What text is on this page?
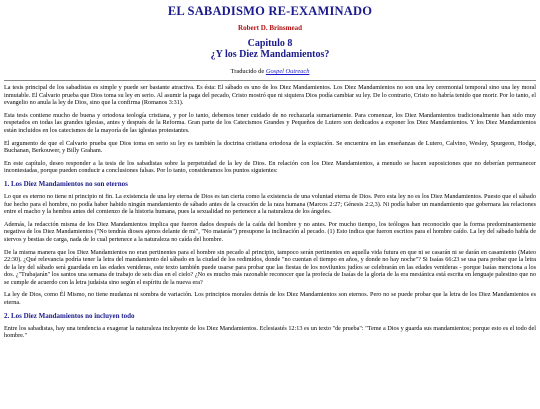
EL SABADISMO RE-EXAMINADO
Robert D. Brinsmead
Capitulo 8
¿Y los Diez Mandamientos?
Traducido de Gospel Outreach

La tesis principal de los sabadistas es simple y puede ser bastante atractiva. Es ésta: El sábado es uno de los Diez Mandamientos. Los Diez Mandamientos no son una ley ceremonial temporal sino una ley moral inmutable. El Calvario prueba que Dios toma su ley en serio. Al asumir la paga del pecado, Cristo mostró que ni siquiera Dios podía cambiar su ley. De lo contrario, Cristo no habría tenido que morir. Por lo tanto, el evangelio no anula la ley de Dios, sino que la confirma (Romanos 3:31).

Esta tesis contiene mucho de buena y ortodoxa teología cristiana, y por lo tanto, debemos tener cuidado de no rechazarla sumariamente. Para comenzar, los Diez Mandamientos tradicionalmente han sido muy respetados en todas las grandes iglesias, antes y después de la Reforma. Gran parte de los Catecismos Grandes y Pequeños de Lutero son dedicados a exponer los Diez Mandamientos. Y los Diez Mandamientos están incluidos en los catecismos de la mayoría de las iglesias protestantes.

El argumento de que el Calvario prueba que Dios toma en serio su ley es también la doctrina cristiana ortodoxa de la expiación. Se encuentra en las enseñanzas de Lutero, Calvino, Wesley, Spurgeon, Hodge, Buchanan, Berkouwer, y Billy Graham.

En este capítulo, deseo responder a la tesis de los sabadistas sobre la perpetuidad de la ley de Dios. En relación con los Diez Mandamientos, a menudo se hacen suposiciones que no deberían permanecer incontestadas, porque pueden conducir a conclusiones falsas. Por lo tanto, consideramos los puntos siguientes:

1. Los Diez Mandamientos no son eternos

Lo que es eterno no tiene ni principio ni fin. La existencia de una ley eterna de Dios es tan cierta como la existencia de una voluntad eterna de Dios. Pero esta ley no es los Diez Mandamientos. Puesto que el sábado fue hecho para el hombre, no podía haber habido ningún mandamiento de sábado antes de la creación de la raza humana (Marcos 2:27; Génesis 2:2,3). Ni podía haber un mandamiento que gobernara las relaciones entre el macho y la hembra antes del comienzo de la historia humana, pues la sexualidad no pertenece a la naturaleza de los ángeles.

Además, la redacción misma de los Diez Mandamientos implica que fueron dados después de la caída del hombre y no antes. Por mucho tiempo, los teólogos han reconocido que la forma predominantemente negativa de los Diez Mandamientos ("No tendrás dioses ajenos delante de mí", "No matarás") presupone la inclinación al pecado. (1) Esto indica que fueron escritos para el hombre caído. La ley del sábado habla de siervos y bestias de carga, nada de lo cual pertenece a la naturaleza no caída del hombre.

De la misma manera que los Diez Mandamientos no eran pertinentes para el hombre sin pecado al principio, tampoco serán pertinentes en aquella vida futura en que ni se casarán ni se darán en casamiento (Mateo 22:30). ¿Qué relevancia podría tener la letra del mandamiento del sábado en la ciudad de los redimidos, donde "no cuentan el tiempo en años, y donde no hay noche"? Si Isaías 66:23 se usa para probar que la letra de la ley del sábado será guardada en las edades venideras, este texto también puede usarse para probar que las fiestas de los novilunios judíos se celebrarán en las edades venideras - porque Isaías menciona a los dos. ¿"Trabajarán" los santos una semana de trabajo de seis días en el cielo? ¿No es mucho más razonable reconocer que la profecía de Isaías de la gloria de la era mesiánica está escrita en lenguaje palestino que no se cumple de acuerdo con la letra judaísta sino según el espíritu de la nueva era?

La ley de Dios, como Él Mismo, no tiene mudanza ni sombra de variación. Los principios morales detrás de los Diez Mandamientos son eternos. Pero no se puede probar que la letra de los Diez Mandamientos es eterna.

2. Los Diez Mandamientos no incluyen todo

Entre los sabadistas, hay una tendencia a exagerar la naturaleza incluyente de los Diez Mandamientos. Eclesiastés 12:13 es un texto "de prueba": "Teme a Dios y guarda sus mandamientos; porque esto es el todo del hombre."
